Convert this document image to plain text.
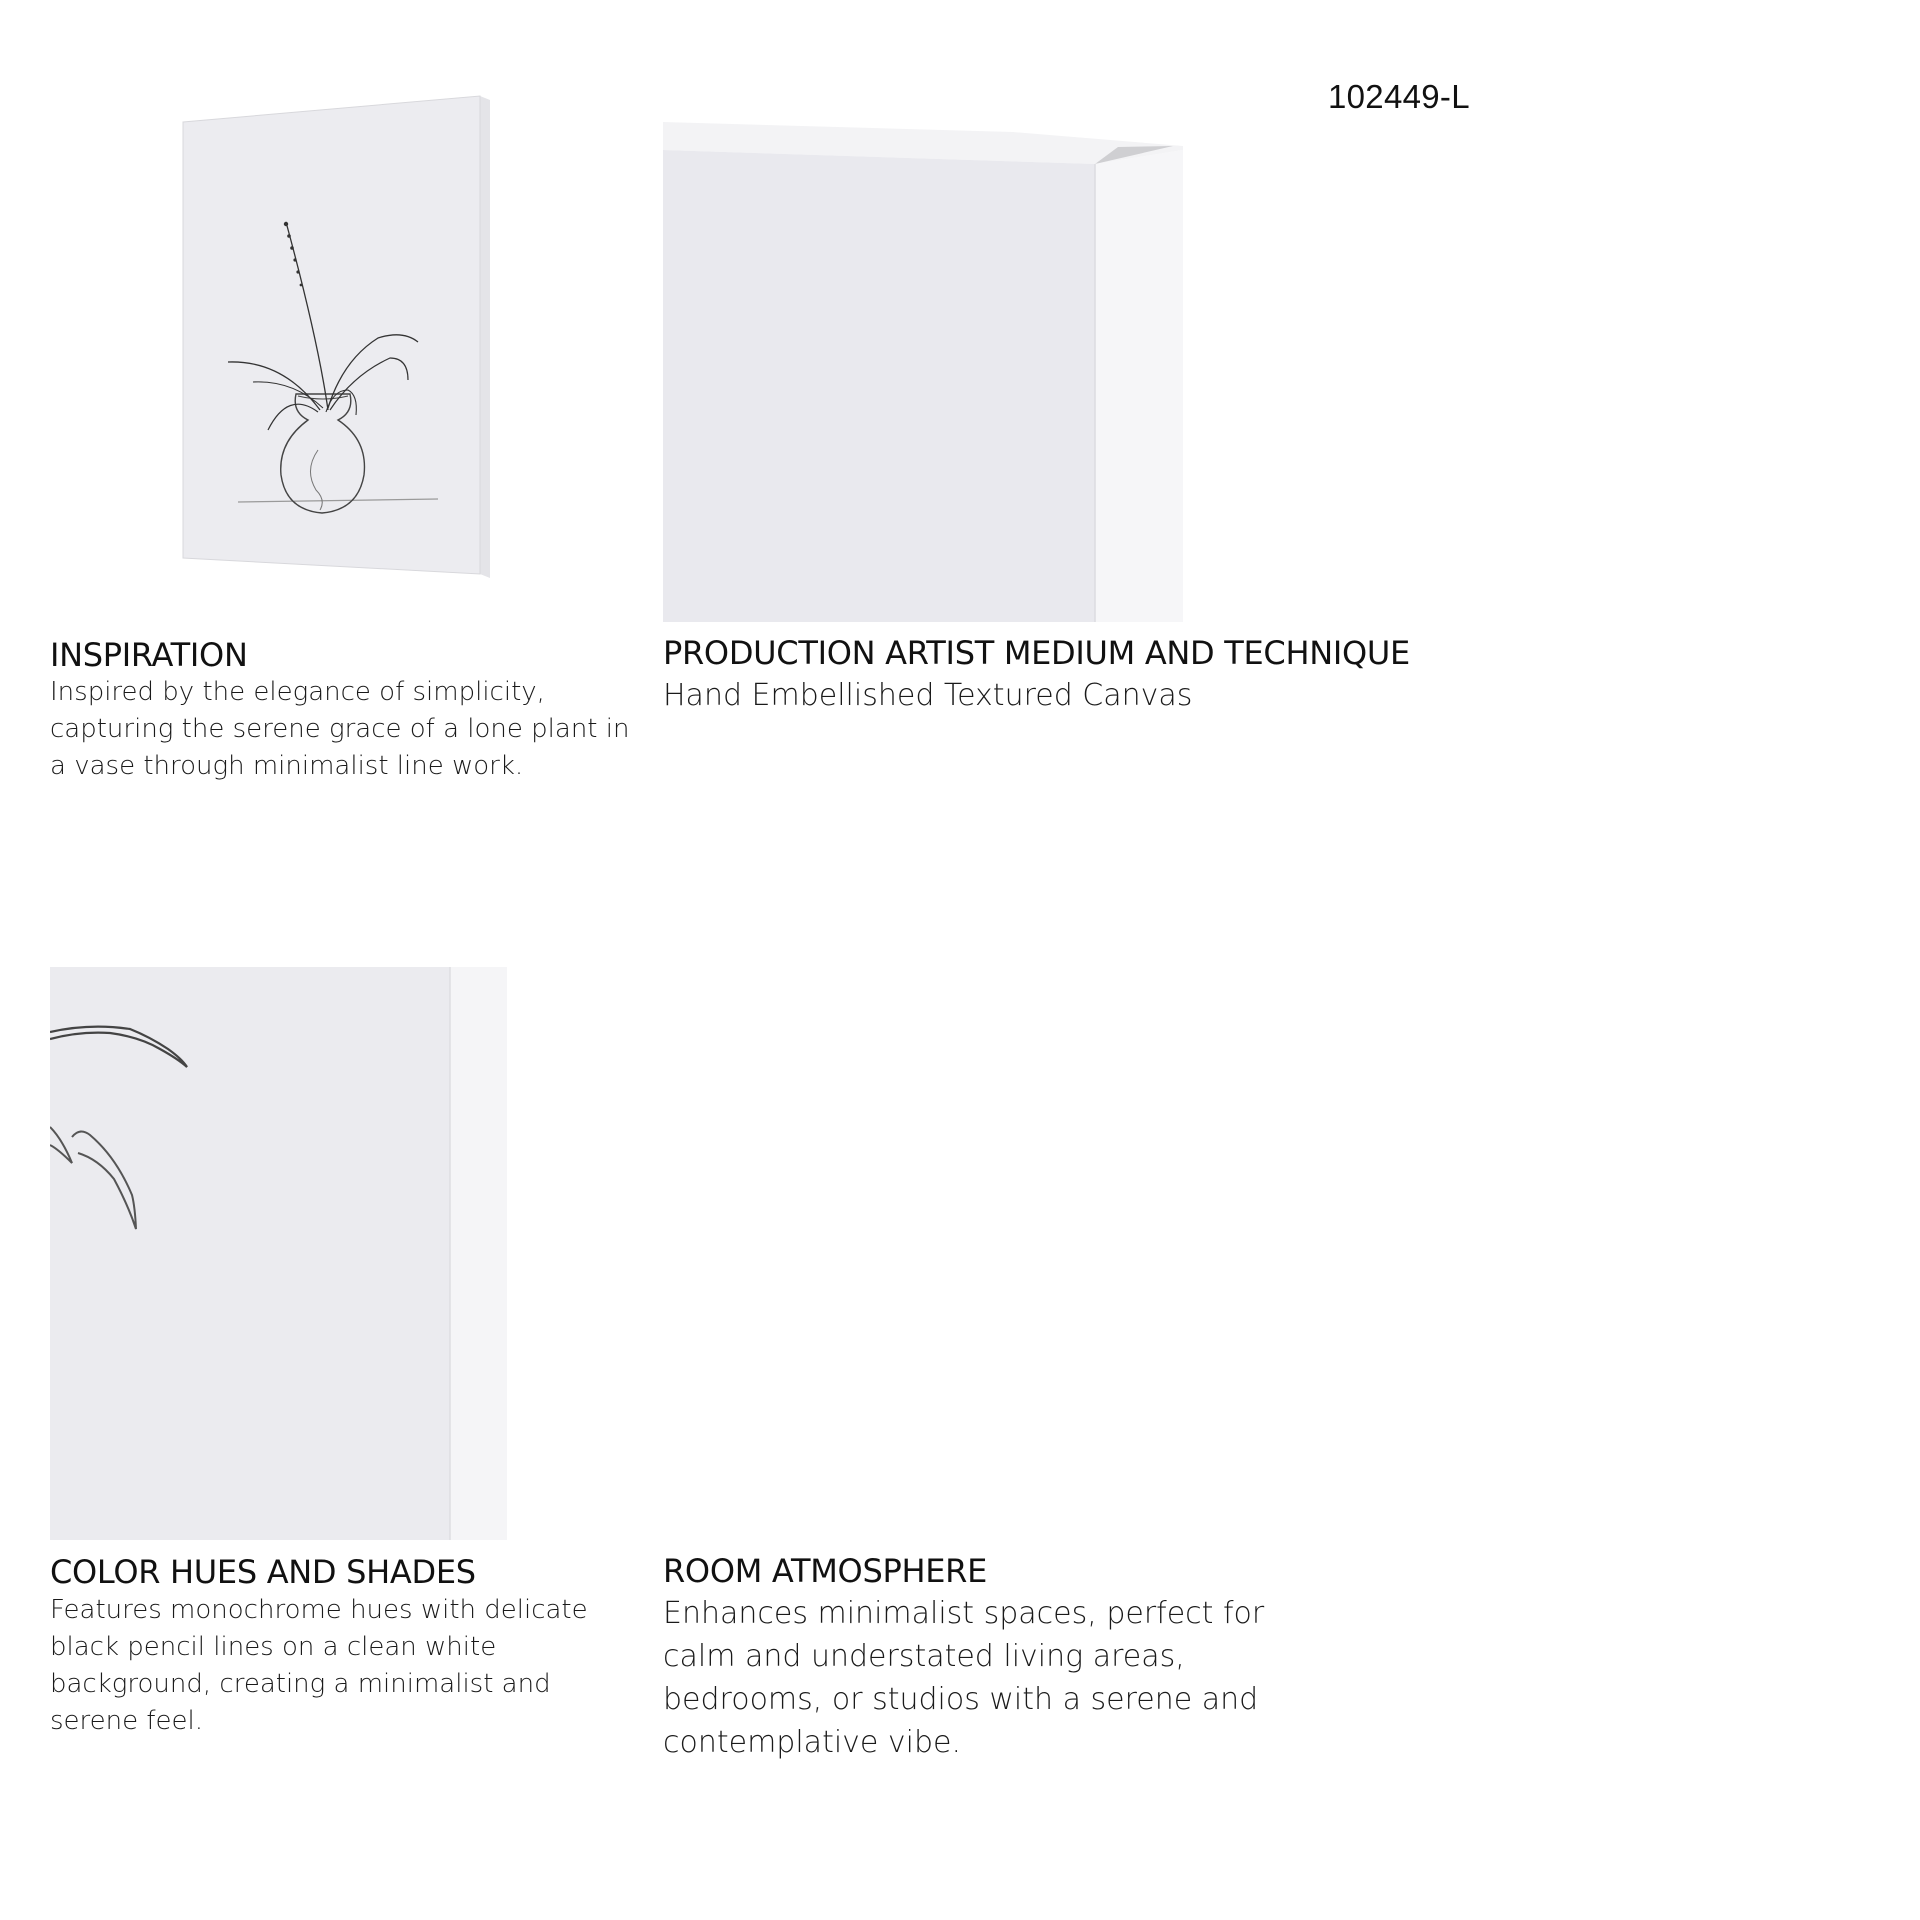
102449-L
INSPIRATION

Inspired by the elegance of simplicity, capturing the serene grace of a lone plant in a vase through minimalist line work.

PRODUCTION ARTIST MEDIUM AND TECHNIQUE

Hand Embellished Textured Canvas

COLOR HUES AND SHADES

Features monochrome hues with delicate black pencil lines on a clean white background, creating a minimalist and serene feel.

ROOM ATMOSPHERE

Enhances minimalist spaces, perfect for calm and understated living areas, bedrooms, or studios with a serene and contemplative vibe.
